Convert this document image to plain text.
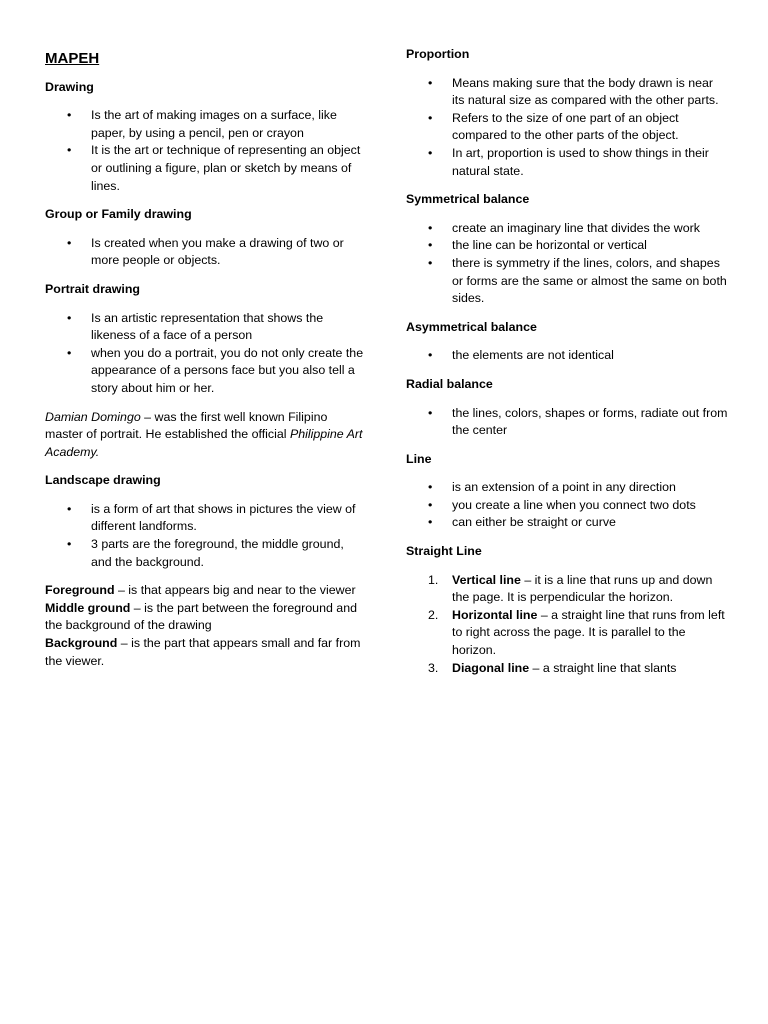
MAPEH
Drawing
• Is the art of making images on a surface, like paper, by using a pencil, pen or crayon
• It is the art or technique of representing an object or outlining a figure, plan or sketch by means of lines.
Group or Family drawing
• Is created when you make a drawing of two or more people or objects.
Portrait drawing
• Is an artistic representation that shows the likeness of a face of a person
• when you do a portrait, you do not only create the appearance of a persons face but you also tell a story about him or her.

Damian Domingo – was the first well known Filipino master of portrait. He established the official Philippine Art Academy.

Landscape drawing
• is a form of art that shows in pictures the view of different landforms.
• 3 parts are the foreground, the middle ground, and the background.

Foreground – is that appears big and near to the viewer

Middle ground – is the part between the foreground and the background of the drawing

Background – is the part that appears small and far from the viewer.

Proportion
• Means making sure that the body drawn is near its natural size as compared with the other parts.
• Refers to the size of one part of an object compared to the other parts of the object.
• In art, proportion is used to show things in their natural state.
Symmetrical balance
• create an imaginary line that divides the work
• the line can be horizontal or vertical
• there is symmetry if the lines, colors, and shapes or forms are the same or almost the same on both sides.
Asymmetrical balance
• the elements are not identical
Radial balance
• the lines, colors, shapes or forms, radiate out from the center
Line
• is an extension of a point in any direction
• you create a line when you connect two dots
• can either be straight or curve
Straight Line
1. Vertical line – it is a line that runs up and down the page. It is perpendicular the horizon.
2. Horizontal line – a straight line that runs from left to right across the page. It is parallel to the horizon.
3. Diagonal line – a straight line that slants
